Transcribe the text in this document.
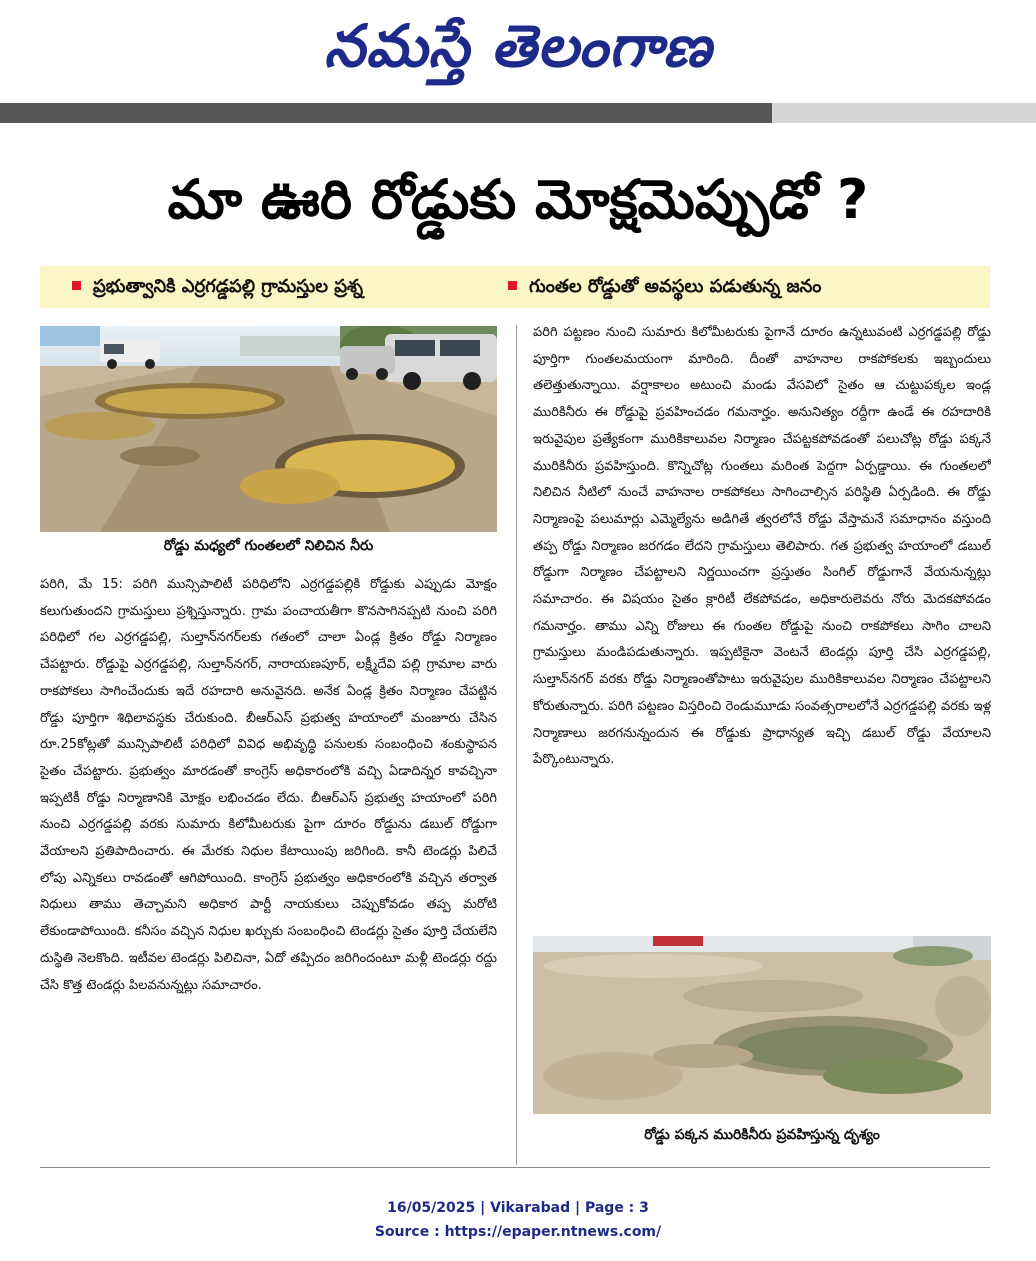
నమస్తే తెలంగాణ
మా ఊరి రోడ్డుకు మోక్షమెప్పుడో ?
ప్రభుత్వానికి ఎర్రగడ్డపల్లి గ్రామస్తుల ప్రశ్న	గుంతల రోడ్డుతో అవస్థలు పడుతున్న జనం
రోడ్డు మధ్యలో గుంతలలో నిలిచిన నీరు
రోడ్డు పక్కన మురికినీరు ప్రవహిస్తున్న దృశ్యం

పరిగి, మే 15: పరిగి మున్సిపాలిటీ పరిధిలోని ఎర్రగడ్డపల్లికి రోడ్డుకు ఎప్పుడు మోక్షం కలుగుతుందని గ్రామస్తులు ప్రశ్నిస్తున్నారు. గ్రామ పంచాయతీగా కొనసాగినప్పటి నుంచి పరిగి పరిధిలో గల ఎర్రగడ్డపల్లి, సుల్తాన్‌నగర్‌లకు గతంలో చాలా ఏండ్ల క్రితం రోడ్డు నిర్మాణం చేపట్టారు. రోడ్డుపై ఎర్రగడ్డపల్లి, సుల్తాన్‌నగర్, నారాయణపూర్, లక్ష్మీదేవి పల్లి గ్రామాల వారు రాకపోకలు సాగించేందుకు ఇదే రహదారి అనువైనది. అనేక ఏండ్ల క్రితం నిర్మాణం చేపట్టిన రోడ్డు పూర్తిగా శిథిలావస్థకు చేరుకుంది. బీఆర్‌ఎస్ ప్రభుత్వ హయాంలో మంజూరు చేసిన రూ.25కోట్లతో మున్సిపాలిటీ పరిధిలో వివిధ అభివృద్ధి పనులకు సంబంధించి శంకుస్థాపన సైతం చేపట్టారు. ప్రభుత్వం మారడంతో కాంగ్రెస్ అధికారంలోకి వచ్చి ఏడాదిన్నర కావచ్చినా ఇప్పటికీ రోడ్డు నిర్మాణానికి మోక్షం లభించడం లేదు. బీఆర్‌ఎస్ ప్రభుత్వ హయాంలో పరిగి నుంచి ఎర్రగడ్డపల్లి వరకు సుమారు కిలోమీటరుకు పైగా దూరం రోడ్డును డబుల్ రోడ్డుగా వేయాలని ప్రతిపాదించారు. ఈ మేరకు నిధుల కేటాయింపు జరిగింది. కానీ టెండర్లు పిలిచే లోపు ఎన్నికలు రావడంతో ఆగిపోయింది. కాంగ్రెస్ ప్రభుత్వం అధికారంలోకి వచ్చిన తర్వాత నిధులు తాము తెచ్చామని అధికార పార్టీ నాయకులు చెప్పుకోవడం తప్ప మరోటి లేకుండాపోయింది. కనీసం వచ్చిన నిధుల ఖర్చుకు సంబంధించి టెండర్లు సైతం పూర్తి చేయలేని దుస్థితి నెలకొంది. ఇటీవల టెండర్లు పిలిచినా, ఏదో తప్పిదం జరిగిందంటూ మళ్లీ టెండర్లు రద్దు చేసి కొత్త టెండర్లు పిలవనున్నట్లు సమాచారం.

పరిగి పట్టణం నుంచి సుమారు కిలోమీటరుకు పైగానే దూరం ఉన్నటువంటి ఎర్రగడ్డపల్లి రోడ్డు పూర్తిగా గుంతలమయంగా మారింది. దీంతో వాహనాల రాకపోకలకు ఇబ్బందులు తలెత్తుతున్నాయి. వర్షాకాలం అటుంచి మండు వేసవిలో సైతం ఆ చుట్టుపక్కల ఇండ్ల మురికినీరు ఈ రోడ్డుపై ప్రవహించడం గమనార్హం. అనునిత్యం రద్దీగా ఉండే ఈ రహదారికి ఇరువైపుల ప్రత్యేకంగా మురికికాలువల నిర్మాణం చేపట్టకపోవడంతో పలుచోట్ల రోడ్డు పక్కనే మురికినీరు ప్రవహిస్తుంది. కొన్నిచోట్ల గుంతలు మరింత పెద్దగా ఏర్పడ్డాయి. ఈ గుంతలలో నిలిచిన నీటిలో నుంచే వాహనాల రాకపోకలు సాగించాల్సిన పరిస్థితి ఏర్పడింది. ఈ రోడ్డు నిర్మాణంపై పలుమార్లు ఎమ్మెల్యేను అడిగితే త్వరలోనే రోడ్డు వేస్తామనే సమాధానం వస్తుంది తప్ప రోడ్డు నిర్మాణం జరగడం లేదని గ్రామస్తులు తెలిపారు. గత ప్రభుత్వ హయాంలో డబుల్ రోడ్డుగా నిర్మాణం చేపట్టాలని నిర్ణయించగా ప్రస్తుతం సింగిల్ రోడ్డుగానే వేయనున్నట్లు సమాచారం. ఈ విషయం సైతం క్లారిటీ లేకపోవడం, అధికారులెవరు నోరు మెదకపోవడం గమనార్హం. తాము ఎన్ని రోజులు ఈ గుంతల రోడ్డుపై నుంచి రాకపోకలు సాగిం చాలని గ్రామస్తులు మండిపడుతున్నారు. ఇప్పటికైనా వెంటనే టెండర్లు పూర్తి చేసి ఎర్రగడ్డపల్లి, సుల్తాన్‌నగర్ వరకు రోడ్డు నిర్మాణంతోపాటు ఇరువైపుల మురికికాలువల నిర్మాణం చేపట్టాలని కోరుతున్నారు. పరిగి పట్టణం విస్తరించి రెండుమూడు సంవత్సరాలలోనే ఎర్రగడ్డపల్లి వరకు ఇళ్ల నిర్మాణాలు జరగనున్నందున ఈ రోడ్డుకు ప్రాధాన్యత ఇచ్చి డబుల్ రోడ్డు వేయాలని పేర్కొంటున్నారు.

16/05/2025 | Vikarabad | Page : 3
Source : https://epaper.ntnews.com/
